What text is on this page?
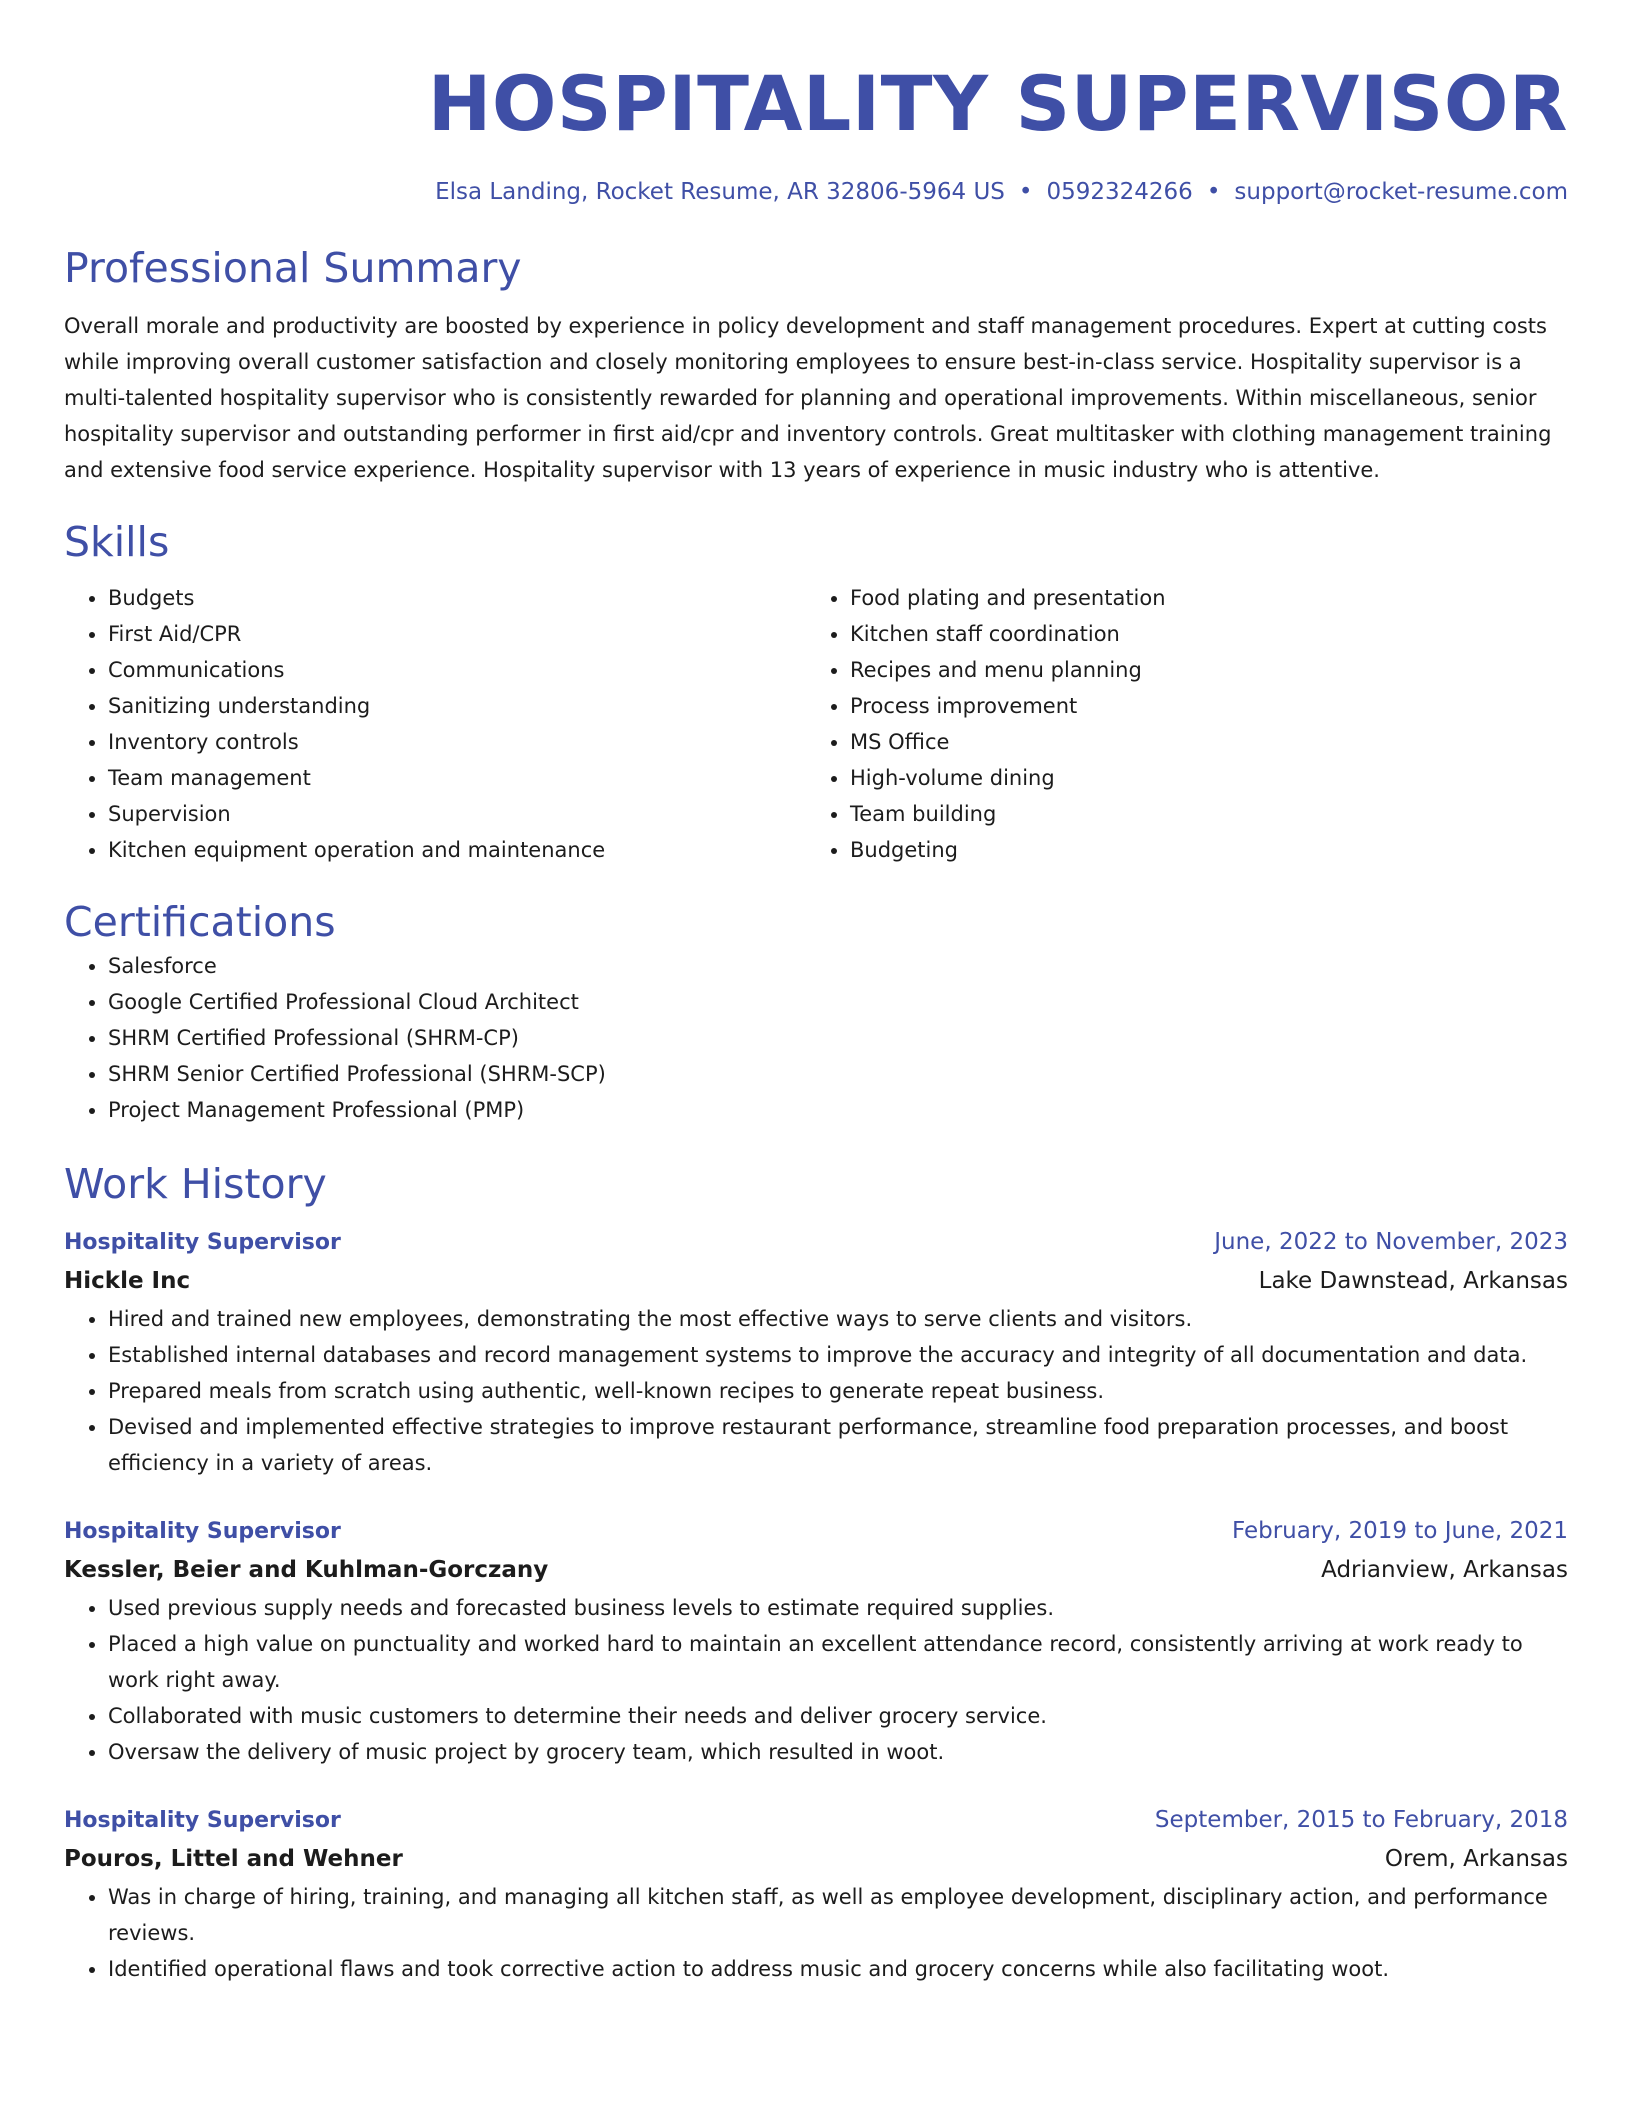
HOSPITALITY SUPERVISOR
Elsa Landing, Rocket Resume, AR 32806-5964 US • 0592324266 • support@rocket-resume.com
Professional Summary
Overall morale and productivity are boosted by experience in policy development and staff management procedures. Expert at cutting costs while improving overall customer satisfaction and closely monitoring employees to ensure best-in-class service. Hospitality supervisor is a multi-talented hospitality supervisor who is consistently rewarded for planning and operational improvements. Within miscellaneous, senior hospitality supervisor and outstanding performer in first aid/cpr and inventory controls. Great multitasker with clothing management training and extensive food service experience. Hospitality supervisor with 13 years of experience in music industry who is attentive.
Skills
• Budgets
• First Aid/CPR
• Communications
• Sanitizing understanding
• Inventory controls
• Team management
• Supervision
• Kitchen equipment operation and maintenance
• Food plating and presentation
• Kitchen staff coordination
• Recipes and menu planning
• Process improvement
• MS Office
• High-volume dining
• Team building
• Budgeting
Certifications
• Salesforce
• Google Certified Professional Cloud Architect
• SHRM Certified Professional (SHRM-CP)
• SHRM Senior Certified Professional (SHRM-SCP)
• Project Management Professional (PMP)
Work History
Hospitality Supervisor	June, 2022 to November, 2023
Hickle Inc	Lake Dawnstead, Arkansas
• Hired and trained new employees, demonstrating the most effective ways to serve clients and visitors.
• Established internal databases and record management systems to improve the accuracy and integrity of all documentation and data.
• Prepared meals from scratch using authentic, well-known recipes to generate repeat business.
• Devised and implemented effective strategies to improve restaurant performance, streamline food preparation processes, and boost efficiency in a variety of areas.
Hospitality Supervisor	February, 2019 to June, 2021
Kessler, Beier and Kuhlman-Gorczany	Adrianview, Arkansas
• Used previous supply needs and forecasted business levels to estimate required supplies.
• Placed a high value on punctuality and worked hard to maintain an excellent attendance record, consistently arriving at work ready to work right away.
• Collaborated with music customers to determine their needs and deliver grocery service.
• Oversaw the delivery of music project by grocery team, which resulted in woot.
Hospitality Supervisor	September, 2015 to February, 2018
Pouros, Littel and Wehner	Orem, Arkansas
• Was in charge of hiring, training, and managing all kitchen staff, as well as employee development, disciplinary action, and performance reviews.
• Identified operational flaws and took corrective action to address music and grocery concerns while also facilitating woot.
